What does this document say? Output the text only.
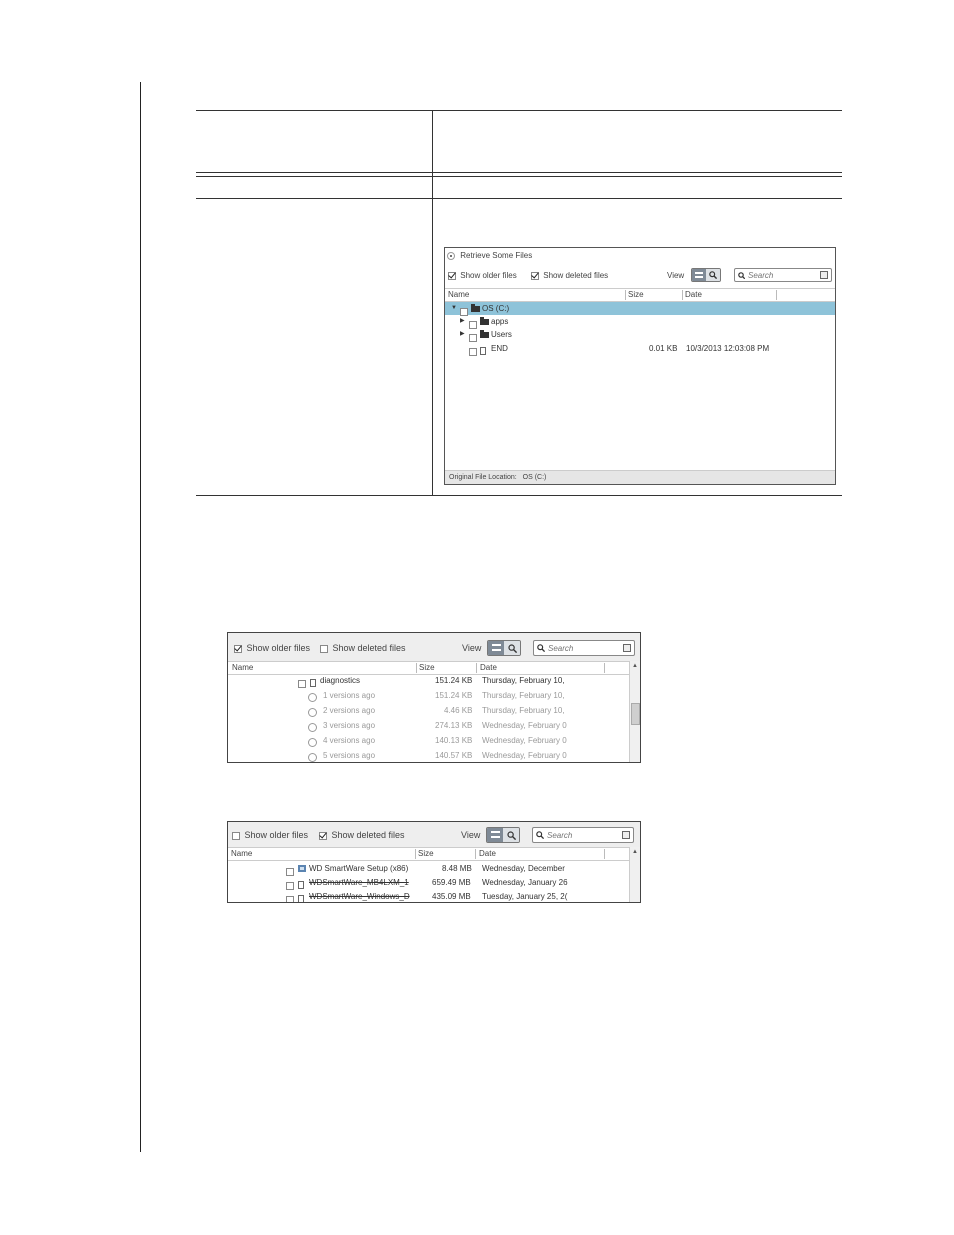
Retrieve Some Files
Show older files	Show deleted files	View
Search
Name	Size	Date
▼	OS (C:)
▶	apps
▶	Users
END	0.01 KB 10/3/2013 12:03:08 PM
Original File Location: OS (C:)
Show older files	Show deleted files	View
Search
Name	Size	Date	▲
diagnostics	151.24 KB Thursday, February 10,
1 versions ago	151.24 KB Thursday, February 10,
2 versions ago	4.46 KB Thursday, February 10,
3 versions ago	274.13 KB Wednesday, February 0
4 versions ago	140.13 KB Wednesday, February 0
5 versions ago	140.57 KB Wednesday, February 0
Show older files	Show deleted files	View
Search
Name	Size	Date	▲
WD SmartWare Setup (x86)	8.48 MB Wednesday, December
WDSmartWare_MB4LXM_1	659.49 MB Wednesday, January 26
WDSmartWare_Windows_D	435.09 MB Tuesday, January 25, 2(
